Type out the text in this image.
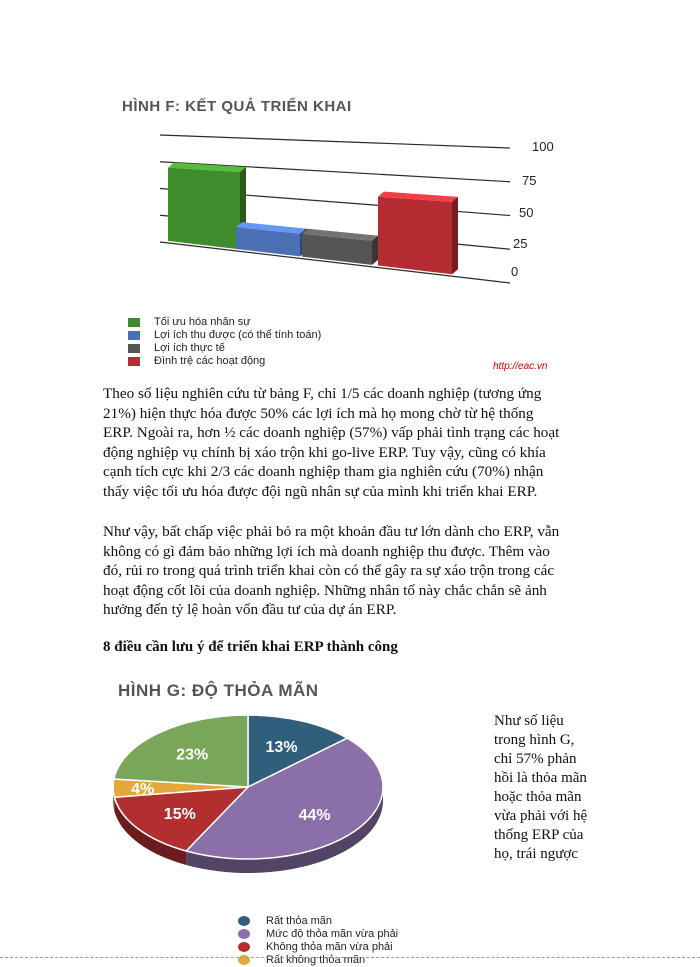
HÌNH F: KẾT QUẢ TRIỂN KHAI
100
75
50
25
0
Tối ưu hóa nhân sự
Lợi ích thu được (có thể tính toán)
Lợi ích thực tế
Đình trệ các hoạt động	http://eac.vn
Theo số liệu nghiên cứu từ bảng F, chỉ 1/5 các doanh nghiệp (tương ứng
21%) hiện thực hóa được 50% các lợi ích mà họ mong chờ từ hệ thống
ERP. Ngoài ra, hơn ½ các doanh nghiệp (57%) vấp phải tình trạng các hoạt
động nghiệp vụ chính bị xáo trộn khi go-live ERP. Tuy vậy, cũng có khía
cạnh tích cực khi 2/3 các doanh nghiệp tham gia nghiên cứu (70%) nhận
thấy việc tối ưu hóa được đội ngũ nhân sự của mình khi triển khai ERP.
Như vậy, bất chấp việc phải bỏ ra một khoản đầu tư lớn dành cho ERP, vẫn
không có gì đảm bảo những lợi ích mà doanh nghiệp thu được. Thêm vào
đó, rủi ro trong quá trình triển khai còn có thể gây ra sự xáo trộn trong các
hoạt động cốt lõi của doanh nghiệp. Những nhân tố này chắc chắn sẽ ảnh
hưởng đến tỷ lệ hoàn vốn đầu tư của dự án ERP.
8 điều cần lưu ý để triển khai ERP thành công
HÌNH G: ĐỘ THỎA MÃN
13%
44%
15%
4%
23%
Như số liệu
trong hình G,
chỉ 57% phản
hồi là thỏa mãn
hoặc thỏa mãn
vừa phải với hệ
thống ERP của
họ, trái ngược
Rất thỏa mãn
Mức độ thỏa mãn vừa phải
Không thỏa mãn vừa phải
Rất không thỏa mãn
